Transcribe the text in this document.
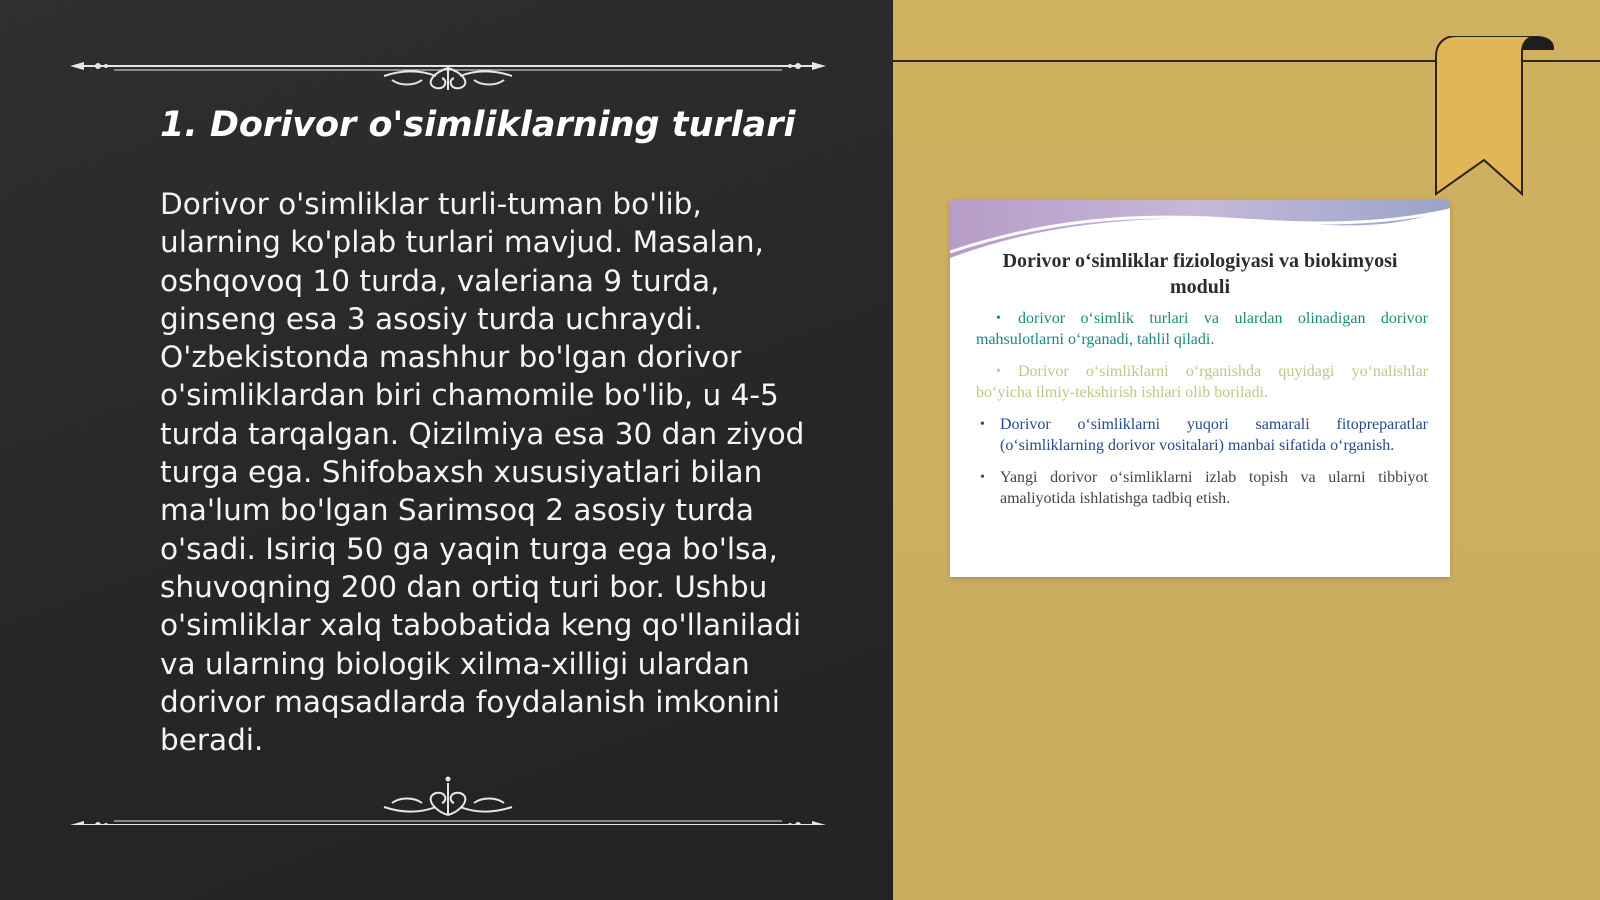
1. Dorivor o'simliklarning turlari

Dorivor o'simliklar turli-tuman bo'lib, ularning ko'plab turlari mavjud. Masalan, oshqovoq 10 turda, valeriana 9 turda, ginseng esa 3 asosiy turda uchraydi. O'zbekistonda mashhur bo'lgan dorivor o'simliklardan biri chamomile bo'lib, u 4-5 turda tarqalgan. Qizilmiya esa 30 dan ziyod turga ega. Shifobaxsh xususiyatlari bilan ma'lum bo'lgan Sarimsoq 2 asosiy turda o'sadi. Isiriq 50 ga yaqin turga ega bo'lsa, shuvoqning 200 dan ortiq turi bor. Ushbu o'simliklar xalq tabobatida keng qo'llaniladi va ularning biologik xilma-xilligi ulardan dorivor maqsadlarda foydalanish imkonini beradi.

Dorivor o‘simliklar fiziologiyasi va biokimyosi moduli
•	dorivor o‘simlik turlari va ulardan olinadigan dorivor mahsulotlarni o‘rganadi, tahlil qiladi.
•	Dorivor o‘simliklarni o‘rganishda quyidagi yo‘nalishlar bo‘yicha ilmiy-tekshirish ishlari olib boriladi.
• Dorivor o‘simliklarni yuqori samarali fitopreparatlar (o‘simliklarning dorivor vositalari) manbai sifatida o‘rganish.
• Yangi dorivor o‘simliklarni izlab topish va ularni tibbiyot amaliyotida ishlatishga tadbiq etish.
